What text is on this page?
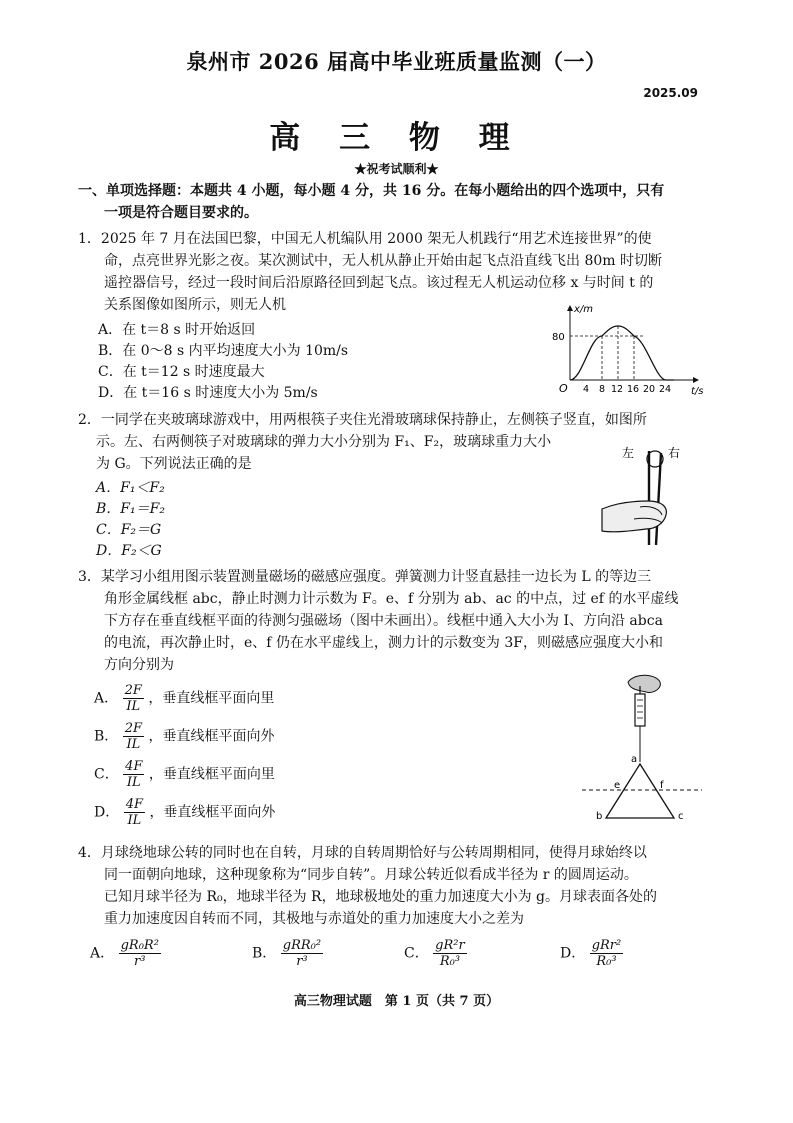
泉州市 2026 届高中毕业班质量监测（一）
2025.09
高 三 物 理
★祝考试顺利★
一、单项选择题：本题共 4 小题，每小题 4 分，共 16 分。在每小题给出的四个选项中，只有
一项是符合题目要求的。
1．2025 年 7 月在法国巴黎，中国无人机编队用 2000 架无人机践行“用艺术连接世界”的使
命，点亮世界光影之夜。某次测试中，无人机从静止开始由起飞点沿直线飞出 80m 时切断
遥控器信号，经过一段时间后沿原路径回到起飞点。该过程无人机运动位移 x 与时间 t 的
关系图像如图所示，则无人机
A．在 t＝8 s 时开始返回
B．在 0～8 s 内平均速度大小为 10m/s
C．在 t＝12 s 时速度最大
D．在 t＝16 s 时速度大小为 5m/s
x/m
t/s
O
80
4 8 12 16 20 24
2．一同学在夹玻璃球游戏中，用两根筷子夹住光滑玻璃球保持静止，左侧筷子竖直，如图所
示。左、右两侧筷子对玻璃球的弹力大小分别为 F₁、F₂，玻璃球重力大小
为 G。下列说法正确的是
A．F₁＜F₂
B．F₁＝F₂
C．F₂＝G
D．F₂＜G
左	右
3．某学习小组用图示装置测量磁场的磁感应强度。弹簧测力计竖直悬挂一边长为 L 的等边三
角形金属线框 abc，静止时测力计示数为 F。e、f 分别为 ab、ac 的中点，过 ef 的水平虚线
下方存在垂直线框平面的待测匀强磁场（图中未画出）。线框中通入大小为 I、方向沿 abca
的电流，再次静止时，e、f 仍在水平虚线上，测力计的示数变为 3F，则磁感应强度大小和
方向分别为
A． $\frac{2F}{IL}$ ，垂直线框平面向里
B． $\frac{2F}{IL}$ ，垂直线框平面向外
C． $\frac{4F}{IL}$ ，垂直线框平面向里
D． $\frac{4F}{IL}$ ，垂直线框平面向外
a
e	f
b	c
4．月球绕地球公转的同时也在自转，月球的自转周期恰好与公转周期相同，使得月球始终以
同一面朝向地球，这种现象称为“同步自转”。月球公转近似看成半径为 r 的圆周运动。
已知月球半径为 R₀，地球半径为 R，地球极地处的重力加速度大小为 g。月球表面各处的
重力加速度因自转而不同，其极地与赤道处的重力加速度大小之差为
A． $\frac{\text{gR₀R²}}{\text{r³}}$	B． $\frac{\text{gRR₀²}}{\text{r³}}$	C． $\frac{\text{gR²r}}{\text{R₀³}}$	D． $\frac{\text{gRr²}}{\text{R₀³}}$
高三物理试题　第 1 页（共 7 页）
